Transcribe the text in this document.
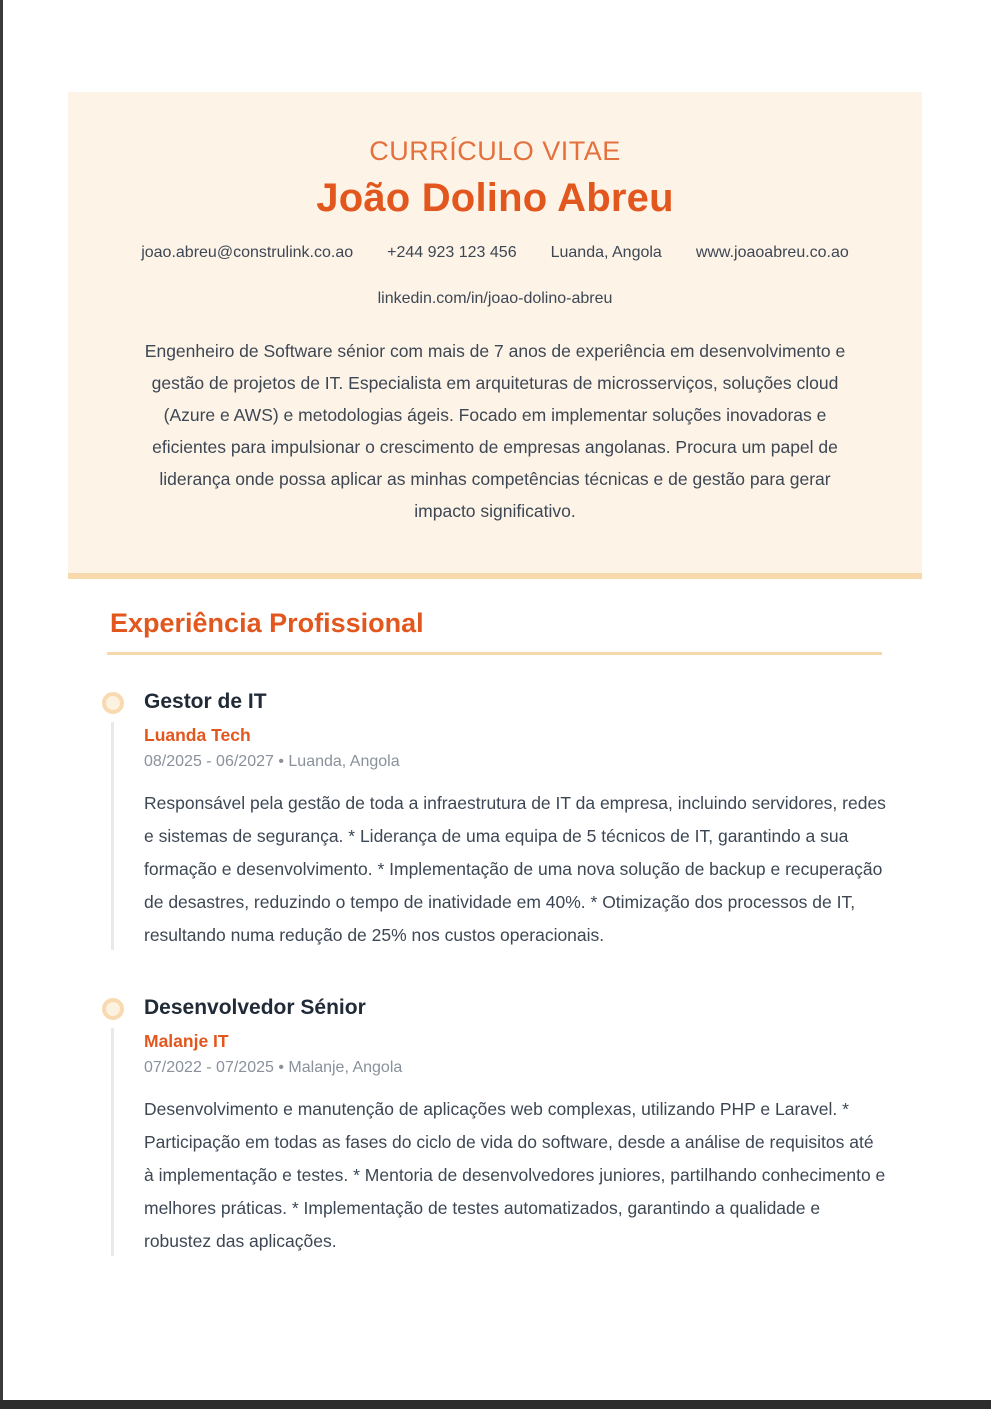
CURRÍCULO VITAE
João Dolino Abreu
joao.abreu@construlink.co.ao +244 923 123 456 Luanda, Angola www.joaoabreu.co.ao
linkedin.com/in/joao-dolino-abreu

Engenheiro de Software sénior com mais de 7 anos de experiência em desenvolvimento e gestão de projetos de IT. Especialista em arquiteturas de microsserviços, soluções cloud (Azure e AWS) e metodologias ágeis. Focado em implementar soluções inovadoras e eficientes para impulsionar o crescimento de empresas angolanas. Procura um papel de liderança onde possa aplicar as minhas competências técnicas e de gestão para gerar impacto significativo.

Experiência Profissional
Gestor de IT
Luanda Tech
08/2025 - 06/2027 • Luanda, Angola

Responsável pela gestão de toda a infraestrutura de IT da empresa, incluindo servidores, redes e sistemas de segurança. * Liderança de uma equipa de 5 técnicos de IT, garantindo a sua formação e desenvolvimento. * Implementação de uma nova solução de backup e recuperação de desastres, reduzindo o tempo de inatividade em 40%. * Otimização dos processos de IT, resultando numa redução de 25% nos custos operacionais.

Desenvolvedor Sénior
Malanje IT
07/2022 - 07/2025 • Malanje, Angola

Desenvolvimento e manutenção de aplicações web complexas, utilizando PHP e Laravel. * Participação em todas as fases do ciclo de vida do software, desde a análise de requisitos até à implementação e testes. * Mentoria de desenvolvedores juniores, partilhando conhecimento e melhores práticas. * Implementação de testes automatizados, garantindo a qualidade e robustez das aplicações.
